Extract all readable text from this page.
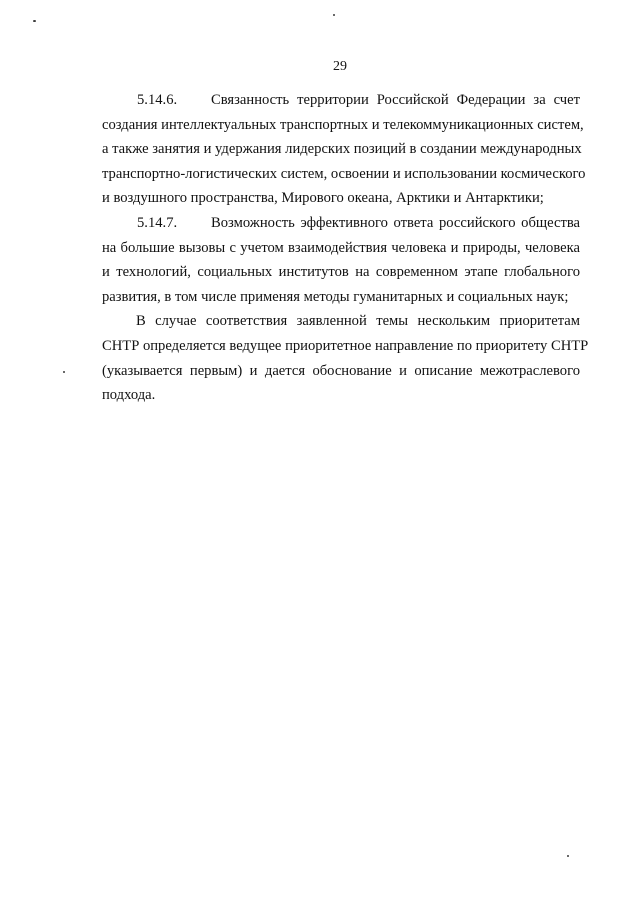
29
5.14.6.	Связанность территории Российской Федерации за счет
создания интеллектуальных транспортных и телекоммуникационных систем,
а также занятия и удержания лидерских позиций в создании международных
транспортно-логистических систем, освоении и использовании космического
и воздушного пространства, Мирового океана, Арктики и Антарктики;
5.14.7.	Возможность эффективного ответа российского общества
на большие вызовы с учетом взаимодействия человека и природы, человека
и технологий, социальных институтов на современном этапе глобального
развития, в том числе применяя методы гуманитарных и социальных наук;
В случае соответствия заявленной темы нескольким приоритетам
СНТР определяется ведущее приоритетное направление по приоритету СНТР
(указывается первым) и дается обоснование и описание межотраслевого
подхода.
